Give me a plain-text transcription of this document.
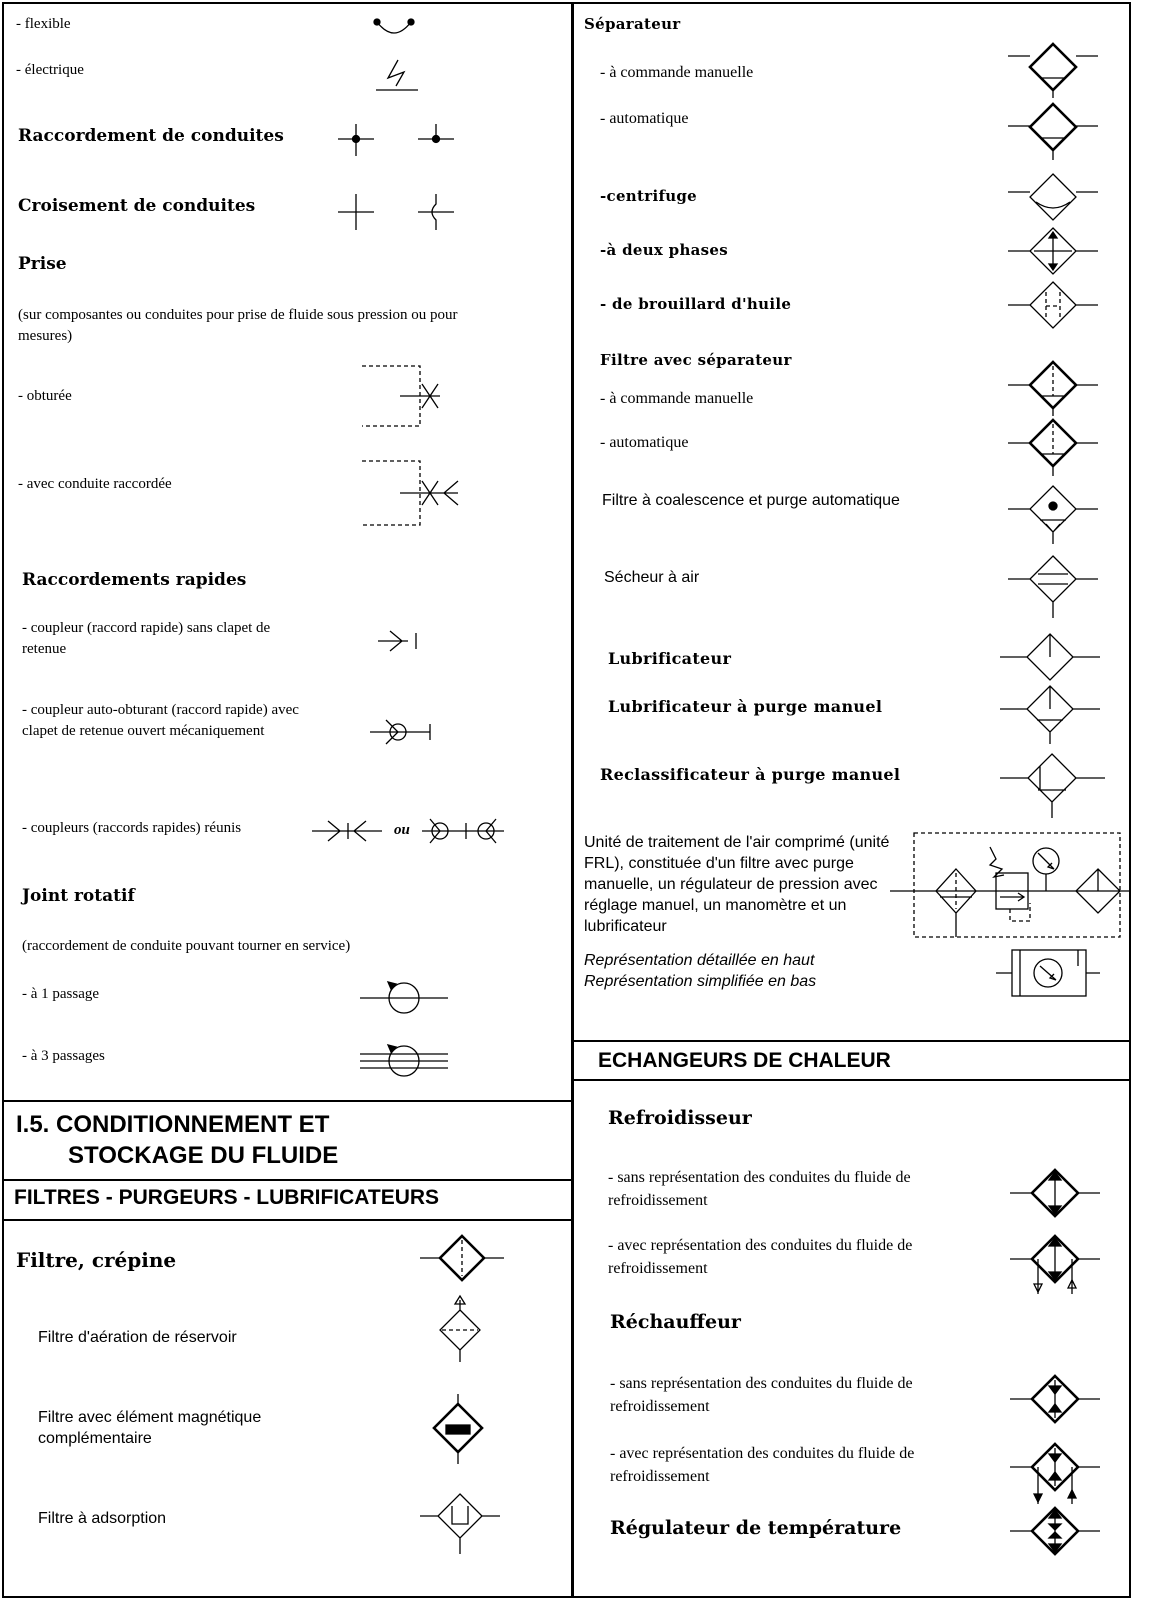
- flexible
- électrique
Raccordement de conduites
Croisement de conduites
Prise
(sur composantes ou conduites pour prise de fluide sous pression ou pour mesures)
- obturée
- avec conduite raccordée
Raccordements rapides
- coupleur (raccord rapide) sans clapet de retenue
- coupleur auto-obturant (raccord rapide) avec clapet de retenue ouvert mécaniquement
- coupleurs (raccords rapides) réunis	ou
Joint rotatif
(raccordement de conduite pouvant tourner en service)
- à 1 passage
- à 3 passages
I.5. CONDITIONNEMENT ET
STOCKAGE DU FLUIDE
FILTRES - PURGEURS - LUBRIFICATEURS
Filtre, crépine
Filtre d'aération de réservoir
Filtre avec élément magnétique complémentaire
Filtre à adsorption
Séparateur
- à commande manuelle
- automatique
-centrifuge
-à deux phases
- de brouillard d'huile
Filtre avec séparateur
- à commande manuelle
- automatique
Filtre à coalescence et purge automatique
Sécheur à air
Lubrificateur
Lubrificateur à purge manuel
Reclassificateur à purge manuel
Unité de traitement de l'air comprimé (unité FRL), constituée d'un filtre avec purge manuelle, un régulateur de pression avec réglage manuel, un manomètre et un lubrificateur
Représentation détaillée en haut
Représentation simplifiée en bas
ECHANGEURS DE CHALEUR
Refroidisseur
- sans représentation des conduites du fluide de refroidissement
- avec représentation des conduites du fluide de refroidissement
Réchauffeur
- sans représentation des conduites du fluide de refroidissement
- avec représentation des conduites du fluide de refroidissement
Régulateur de température
